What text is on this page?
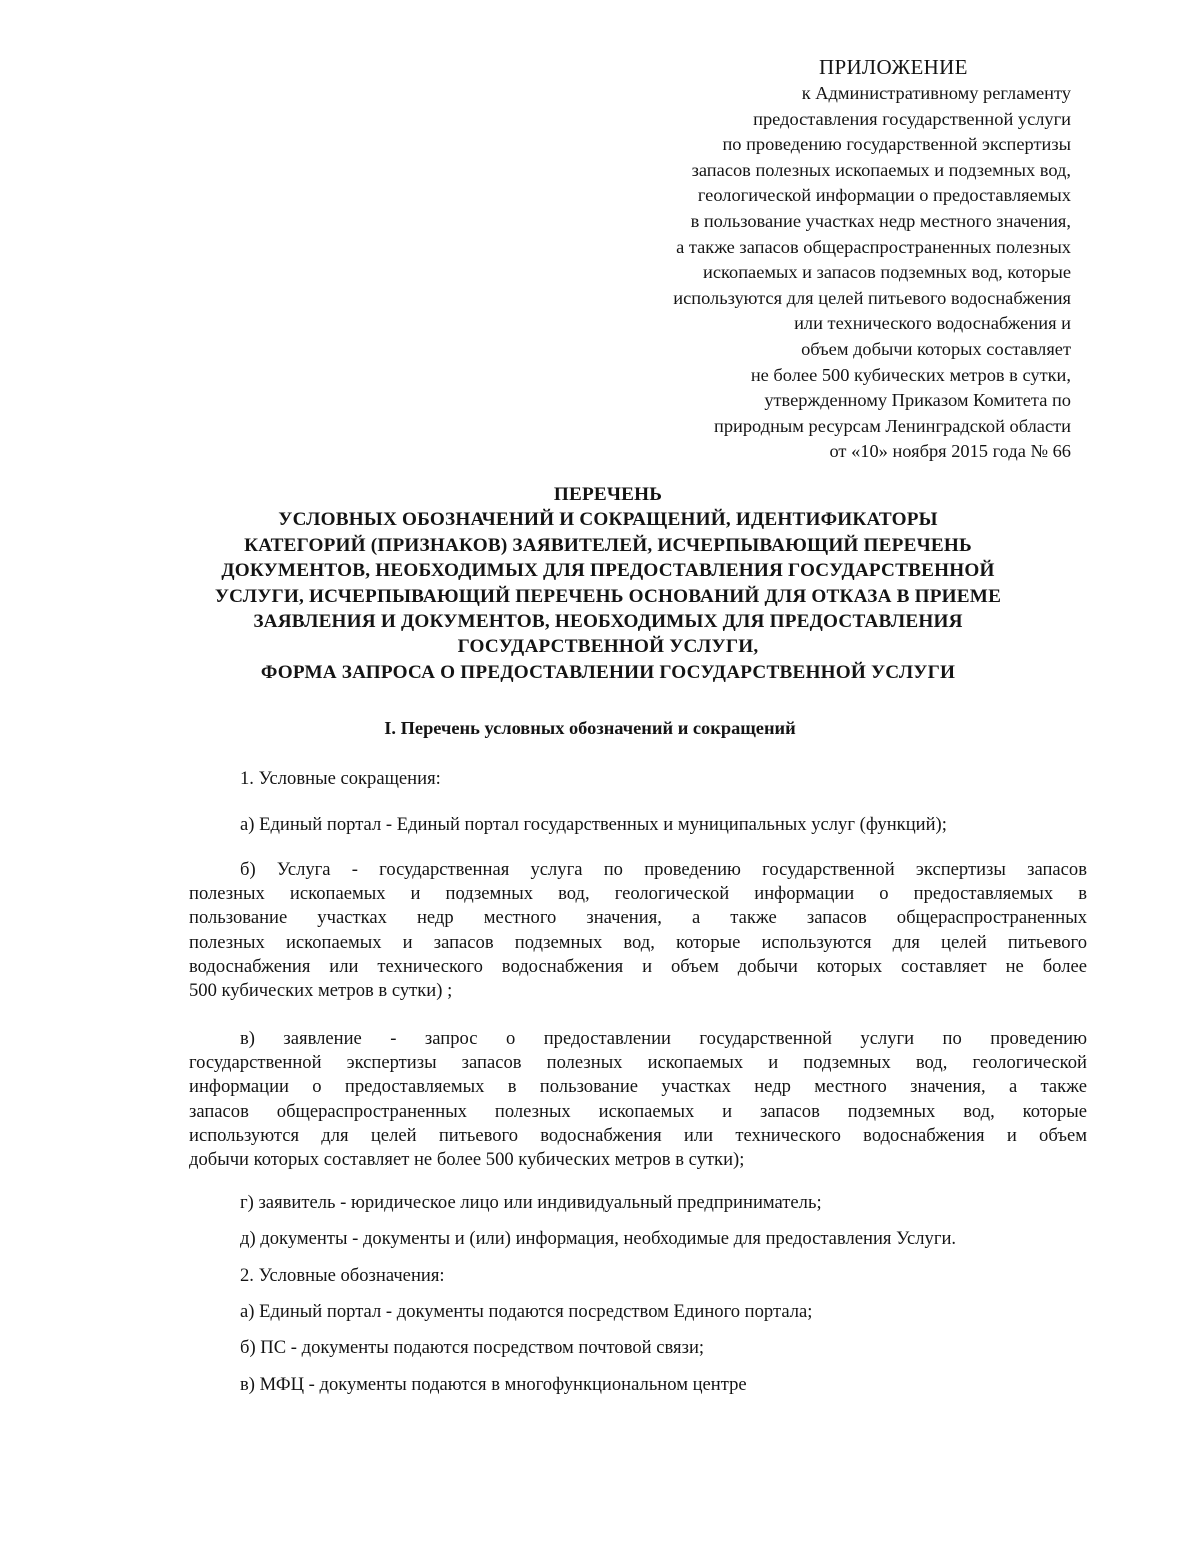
ПРИЛОЖЕНИЕ
к Административному регламенту
предоставления государственной услуги
по проведению государственной экспертизы
запасов полезных ископаемых и подземных вод,
геологической информации о предоставляемых
в пользование участках недр местного значения,
а также запасов общераспространенных полезных
ископаемых и запасов подземных вод, которые
используются для целей питьевого водоснабжения
или технического водоснабжения и
объем добычи которых составляет
не более 500 кубических метров в сутки,
утвержденному Приказом Комитета по
природным ресурсам Ленинградской области
от «10» ноября 2015 года № 66
ПЕРЕЧЕНЬ
УСЛОВНЫХ ОБОЗНАЧЕНИЙ И СОКРАЩЕНИЙ, ИДЕНТИФИКАТОРЫ
КАТЕГОРИЙ (ПРИЗНАКОВ) ЗАЯВИТЕЛЕЙ, ИСЧЕРПЫВАЮЩИЙ ПЕРЕЧЕНЬ
ДОКУМЕНТОВ, НЕОБХОДИМЫХ ДЛЯ ПРЕДОСТАВЛЕНИЯ ГОСУДАРСТВЕННОЙ
УСЛУГИ, ИСЧЕРПЫВАЮЩИЙ ПЕРЕЧЕНЬ ОСНОВАНИЙ ДЛЯ ОТКАЗА В ПРИЕМЕ
ЗАЯВЛЕНИЯ И ДОКУМЕНТОВ, НЕОБХОДИМЫХ ДЛЯ ПРЕДОСТАВЛЕНИЯ
ГОСУДАРСТВЕННОЙ УСЛУГИ,
ФОРМА ЗАПРОСА О ПРЕДОСТАВЛЕНИИ ГОСУДАРСТВЕННОЙ УСЛУГИ
I. Перечень условных обозначений и сокращений
1. Условные сокращения:
а) Единый портал - Единый портал государственных и муниципальных услуг (функций);
б) Услуга - государственная услуга по проведению государственной экспертизы запасов
полезных ископаемых и подземных вод, геологической информации о предоставляемых в
пользование участках недр местного значения, а также запасов общераспространенных
полезных ископаемых и запасов подземных вод, которые используются для целей питьевого
водоснабжения или технического водоснабжения и объем добычи которых составляет не более
500 кубических метров в сутки) ;
в) заявление - запрос о предоставлении государственной услуги по проведению
государственной экспертизы запасов полезных ископаемых и подземных вод, геологической
информации о предоставляемых в пользование участках недр местного значения, а также
запасов общераспространенных полезных ископаемых и запасов подземных вод, которые
используются для целей питьевого водоснабжения или технического водоснабжения и объем
добычи которых составляет не более 500 кубических метров в сутки);
г) заявитель - юридическое лицо или индивидуальный предприниматель;
д) документы - документы и (или) информация, необходимые для предоставления Услуги.
2. Условные обозначения:
а) Единый портал - документы подаются посредством Единого портала;
б) ПС - документы подаются посредством почтовой связи;
в) МФЦ - документы подаются в многофункциональном центре
